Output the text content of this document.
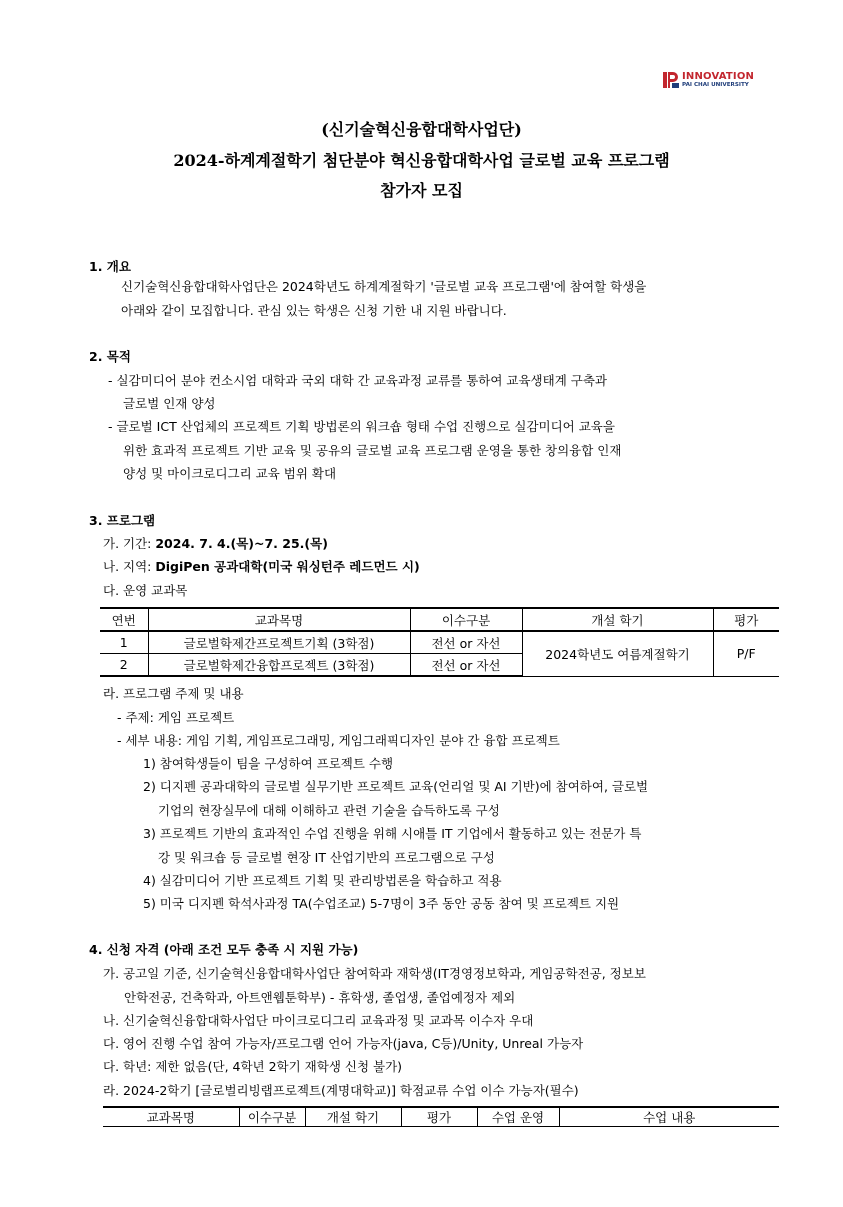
INNOVATION
PAI CHAI UNIVERSITY
(신기술혁신융합대학사업단)
2024-하계계절학기 첨단분야 혁신융합대학사업 글로벌 교육 프로그램
참가자 모집
1. 개요
신기술혁신융합대학사업단은 2024학년도 하계계절학기 '글로벌 교육 프로그램'에 참여할 학생을
아래와 같이 모집합니다. 관심 있는 학생은 신청 기한 내 지원 바랍니다.
2. 목적
- 실감미디어 분야 컨소시엄 대학과 국외 대학 간 교육과정 교류를 통하여 교육생태계 구축과
글로벌 인재 양성
- 글로벌 ICT 산업체의 프로젝트 기획 방법론의 워크숍 형태 수업 진행으로 실감미디어 교육을
위한 효과적 프로젝트 기반 교육 및 공유의 글로벌 교육 프로그램 운영을 통한 창의융합 인재
양성 및 마이크로디그리 교육 범위 확대
3. 프로그램
가. 기간: 2024. 7. 4.(목)~7. 25.(목)
나. 지역: DigiPen 공과대학(미국 워싱턴주 레드먼드 시)
다. 운영 교과목
연번	교과목명	이수구분	개설 학기	평가
1	글로벌학제간프로젝트기획 (3학점)	전선 or 자선	2024학년도 여름계절학기	P/F
2	글로벌학제간융합프로젝트 (3학점)	전선 or 자선		
라. 프로그램 주제 및 내용
- 주제: 게임 프로젝트
- 세부 내용: 게임 기획, 게임프로그래밍, 게임그래픽디자인 분야 간 융합 프로젝트
1) 참여학생들이 팀을 구성하여 프로젝트 수행
2) 디지펜 공과대학의 글로벌 실무기반 프로젝트 교육(언리얼 및 AI 기반)에 참여하여, 글로벌
기업의 현장실무에 대해 이해하고 관련 기술을 습득하도록 구성
3) 프로젝트 기반의 효과적인 수업 진행을 위해 시애틀 IT 기업에서 활동하고 있는 전문가 특
강 및 워크숍 등 글로벌 현장 IT 산업기반의 프로그램으로 구성
4) 실감미디어 기반 프로젝트 기획 및 관리방법론을 학습하고 적용
5) 미국 디지펜 학석사과정 TA(수업조교) 5-7명이 3주 동안 공동 참여 및 프로젝트 지원
4. 신청 자격 (아래 조건 모두 충족 시 지원 가능)
가. 공고일 기준, 신기술혁신융합대학사업단 참여학과 재학생(IT경영정보학과, 게임공학전공, 정보보
안학전공, 건축학과, 아트앤웹툰학부) - 휴학생, 졸업생, 졸업예정자 제외
나. 신기술혁신융합대학사업단 마이크로디그리 교육과정 및 교과목 이수자 우대
다. 영어 진행 수업 참여 가능자/프로그램 언어 가능자(java, C등)/Unity, Unreal 가능자
다. 학년: 제한 없음(단, 4학년 2학기 재학생 신청 불가)
라. 2024-2학기 [글로벌리빙랩프로젝트(계명대학교)] 학점교류 수업 이수 가능자(필수)
교과목명	이수구분	개설 학기	평가	수업 운영	수업 내용
